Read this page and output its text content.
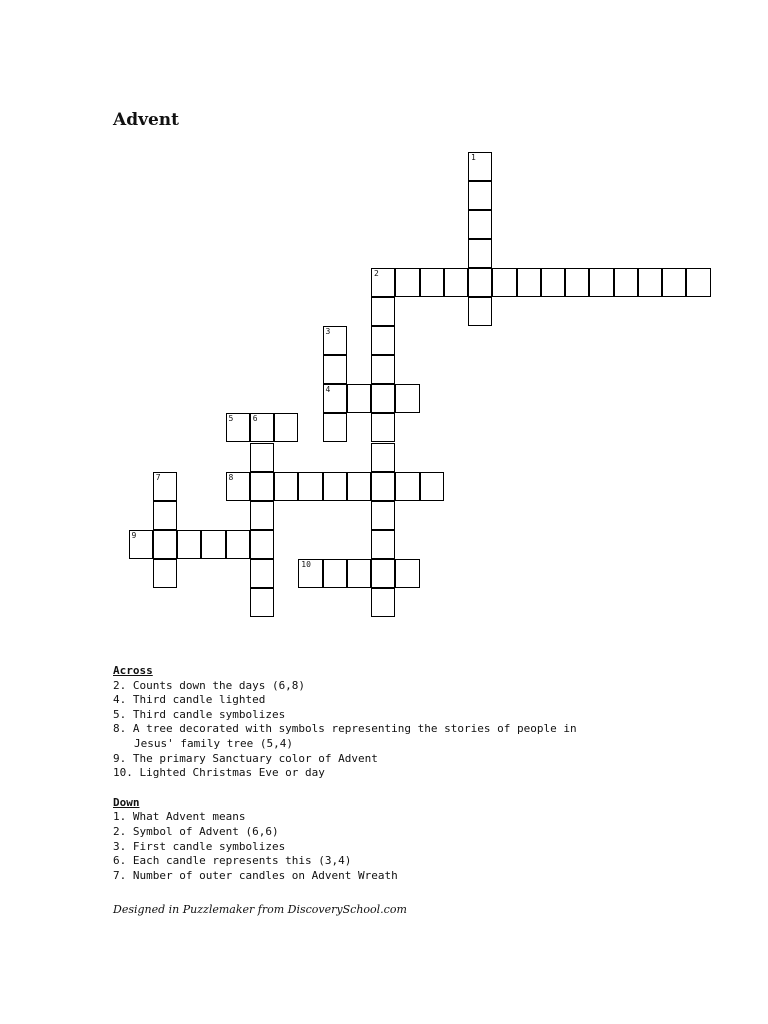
Advent
1
2
3
4
5 6
7	8
9
10
Across
2. Counts down the days (6,8)
4. Third candle lighted
5. Third candle symbolizes
8. A tree decorated with symbols representing the stories of people in
Jesus' family tree (5,4)
9. The primary Sanctuary color of Advent
10. Lighted Christmas Eve or day
Down
1. What Advent means
2. Symbol of Advent (6,6)
3. First candle symbolizes
6. Each candle represents this (3,4)
7. Number of outer candles on Advent Wreath
Designed in Puzzlemaker from DiscoverySchool.com
